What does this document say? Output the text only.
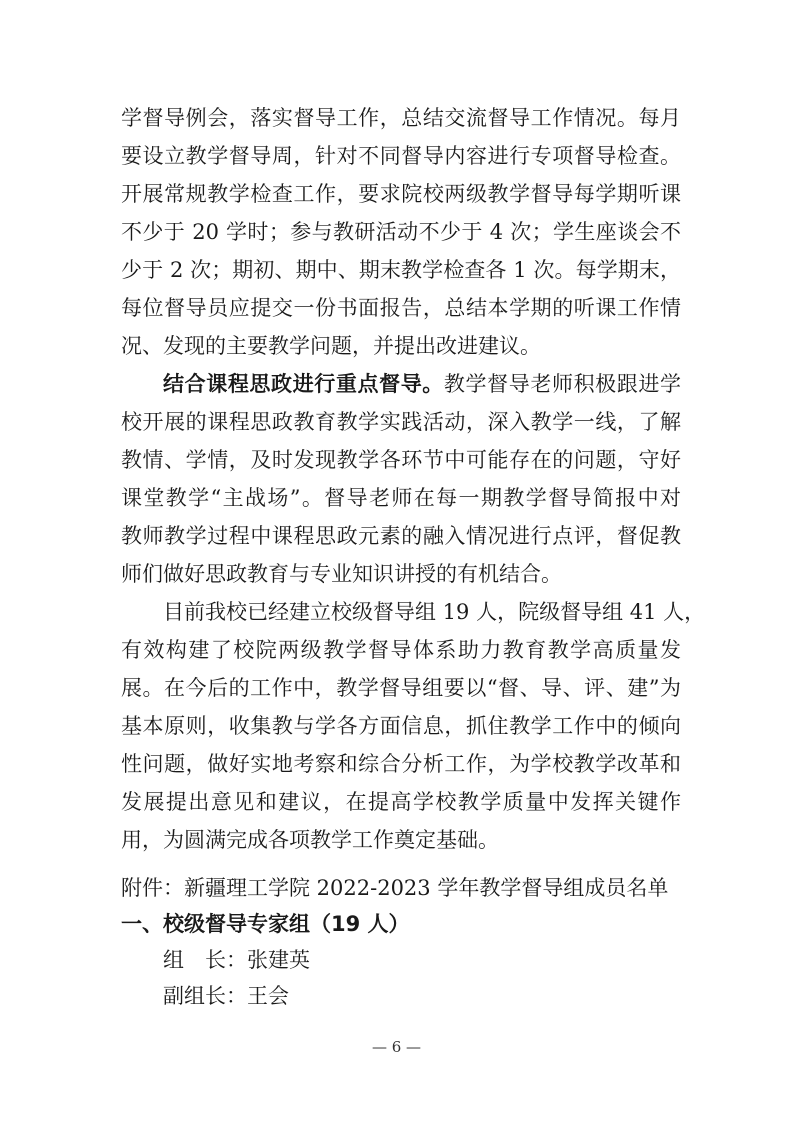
学督导例会，落实督导工作，总结交流督导工作情况。每月
要设立教学督导周，针对不同督导内容进行专项督导检查。
开展常规教学检查工作，要求院校两级教学督导每学期听课
不少于 20 学时；参与教研活动不少于 4 次；学生座谈会不
少于 2 次；期初、期中、期末教学检查各 1 次。每学期末，
每位督导员应提交一份书面报告，总结本学期的听课工作情
况、发现的主要教学问题，并提出改进建议。
结合课程思政进行重点督导。教学督导老师积极跟进学
校开展的课程思政教育教学实践活动，深入教学一线，了解
教情、学情，及时发现教学各环节中可能存在的问题，守好
课堂教学“主战场”。督导老师在每一期教学督导简报中对
教师教学过程中课程思政元素的融入情况进行点评，督促教
师们做好思政教育与专业知识讲授的有机结合。
目前我校已经建立校级督导组 19 人，院级督导组 41 人，
有效构建了校院两级教学督导体系助力教育教学高质量发
展。在今后的工作中，教学督导组要以“督、导、评、建”为
基本原则，收集教与学各方面信息，抓住教学工作中的倾向
性问题，做好实地考察和综合分析工作，为学校教学改革和
发展提出意见和建议，在提高学校教学质量中发挥关键作
用，为圆满完成各项教学工作奠定基础。
附件：新疆理工学院 2022-2023 学年教学督导组成员名单
一、校级督导专家组（19 人）
组　长：张建英
副组长：王会
— 6 —
